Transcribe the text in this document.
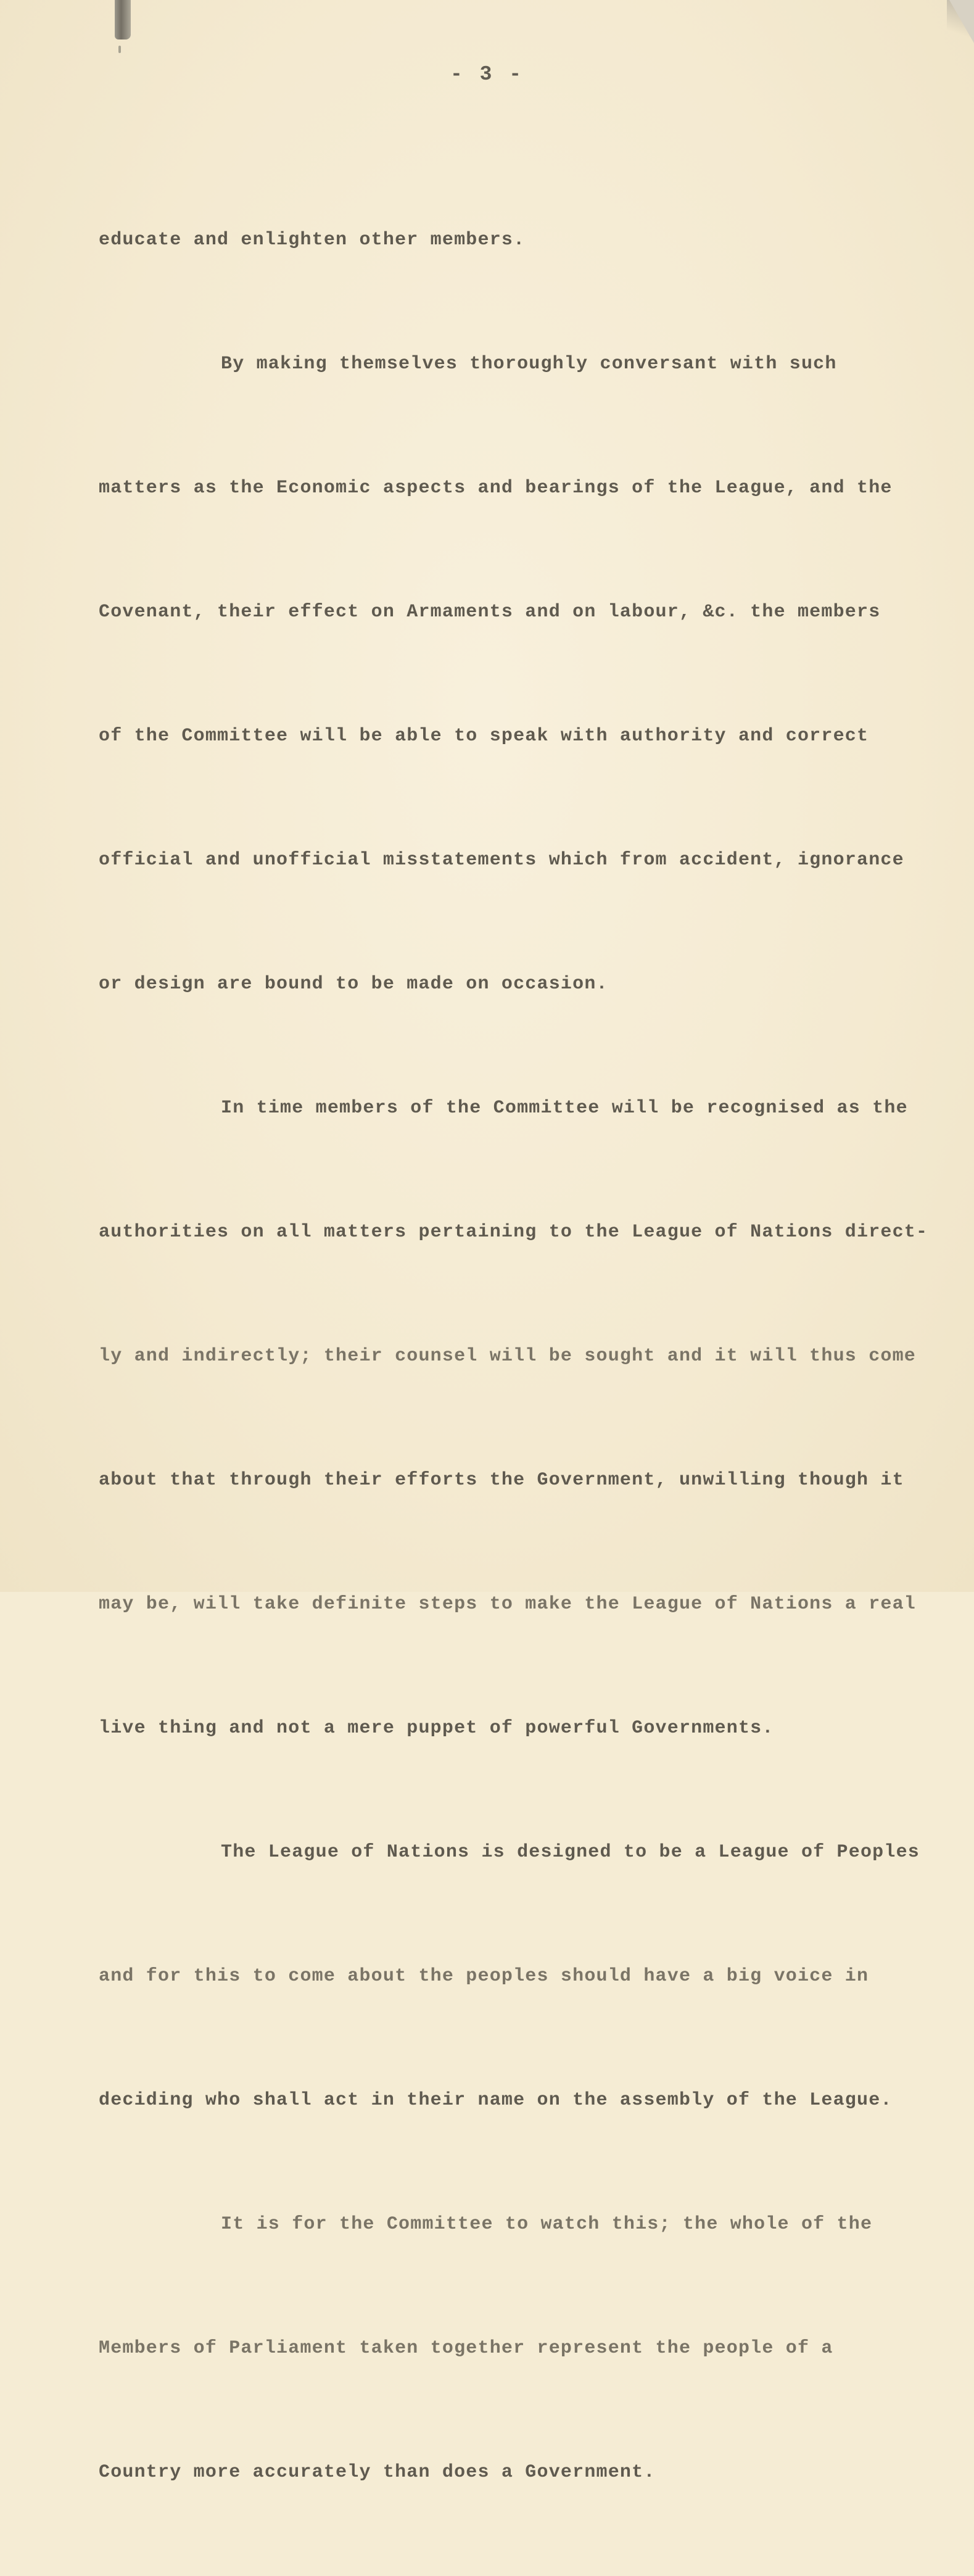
- 3 -

educate and enlighten other members.

By making themselves thoroughly conversant with such

matters as the Economic aspects and bearings of the League, and the

Covenant, their effect on Armaments and on labour, &c. the members

of the Committee will be able to speak with authority and correct

official and unofficial misstatements which from accident, ignorance

or design are bound to be made on occasion.

In time members of the Committee will be recognised as the

authorities on all matters pertaining to the League of Nations direct-

ly and indirectly; their counsel will be sought and it will thus come

about that through their efforts the Government, unwilling though it

may be, will take definite steps to make the League of Nations a real

live thing and not a mere puppet of powerful Governments.

The League of Nations is designed to be a League of Peoples

and for this to come about the peoples should have a big voice in

deciding who shall act in their name on the assembly of the League.

It is for the Committee to watch this; the whole of the

Members of Parliament taken together represent the people of a

Country more accurately than does a Government.
